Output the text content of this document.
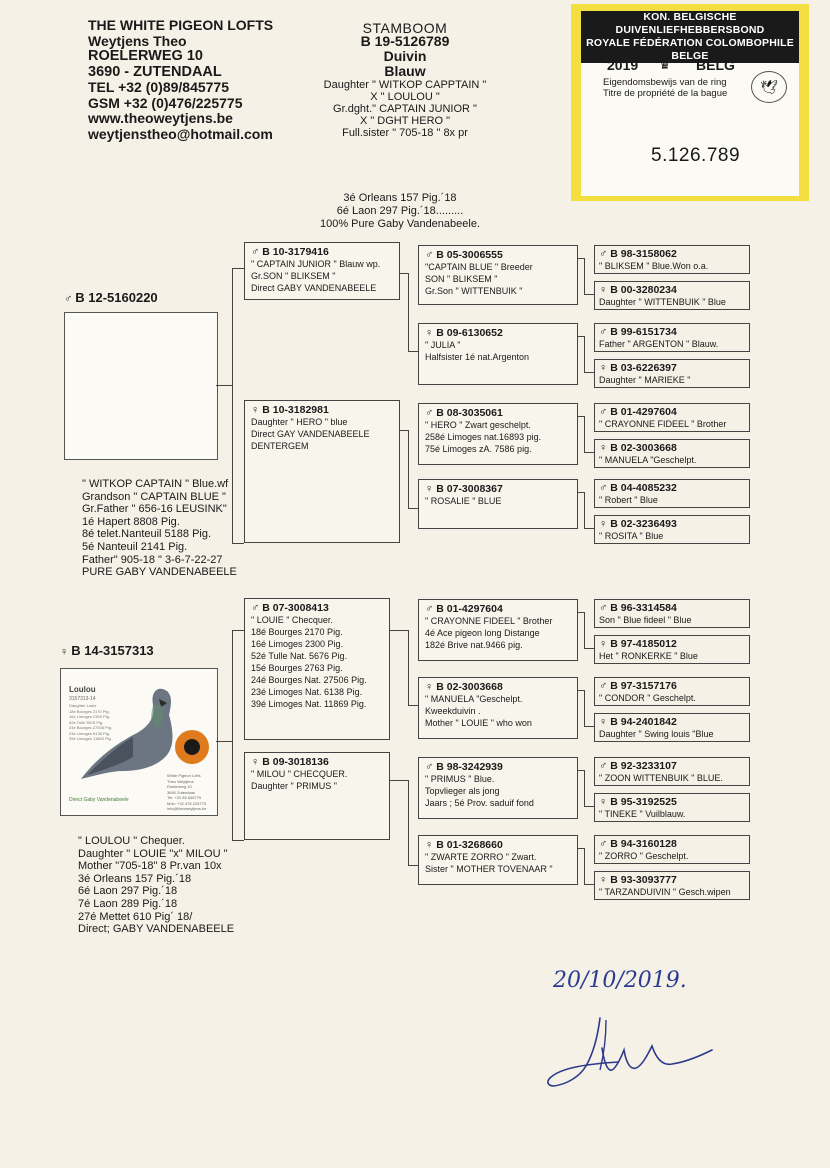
THE WHITE PIGEON LOFTS
Weytjens Theo
ROELERWEG 10
3690 - ZUTENDAAL
TEL +32 (0)89/845775
GSM +32 (0)476/225775
www.theoweytjens.be
weytjenstheo@hotmail.com
STAMBOOM
B 19-5126789
Duivin
Blauw
Daughter " WITKOP CAPPTAIN "
X " LOULOU "
Gr.dght." CAPTAIN JUNIOR "
X " DGHT HERO "
Full.sister " 705-18 " 8x pr
KON. BELGISCHE DUIVENLIEFHEBBERSBOND
ROYALE FÉDÉRATION COLOMBOPHILE BELGE
2019 ♛ BELG
🕊
Eigendomsbewijs van de ring
Titre de propriété de la bague
5.126.789
3é Orleans 157 Pig.´18
6é Laon 297 Pig.´18.........
100% Pure Gaby Vandenabeele.
♂ B 12-5160220
" WITKOP CAPTAIN " Blue.wf
Grandson " CAPTAIN BLUE "
Gr.Father " 656-16 LEUSINK"
1é Hapert 8808 Pig.
8é telet.Nanteuil 5188 Pig.
5é Nanteuil 2141 Pig.
Father" 905-18 " 3-6-7-22-27
PURE GABY VANDENABEELE
♀ B 14-3157313
Loulou
3157313-14
Daughter Louie
18e Bourges 2170 Pig.
16e Limoges 2300 Pig.
52e Tulle 5676 Pig.
24e Bourges 27506 Pig.
23e Limoges 6138 Pig.
39e Limoges 11869 Pig.
White Pigeon Lofts
Theo Weytjens
Roelerweg 10
3690 Zutendaal
Tel: +32 89 845775
Mob: +32 476 225775
info@theoweytjens.be
Direct Gaby Vandenabeele
" LOULOU " Chequer.
Daughter " LOUIE "x" MILOU "
Mother "705-18" 8 Pr.van 10x
3é Orleans 157 Pig.´18
6é Laon 297 Pig.´18
7é Laon 289 Pig.´18
27é Mettet 610 Pig´ 18/
Direct; GABY VANDENABEELE
♂ B 10-3179416
" CAPTAIN JUNIOR " Blauw wp.
Gr.SON " BLIKSEM "
Direct GABY VANDENABEELE
♀ B 10-3182981
Daughter " HERO " blue
Direct GAY VANDENABEELE
DENTERGEM
♂ B 07-3008413
" LOUIE " Checquer.
18é Bourges 2170 Pig.
16é Limoges 2300 Pig.
52é Tulle Nat. 5676 Pig.
15é Bourges 2763 Pig.
24é Bourges Nat. 27506 Pig.
23é Limoges Nat. 6138 Pig.
39é Limoges Nat. 11869 Pig.
♀ B 09-3018136
" MILOU " CHECQUER.
Daughter " PRIMUS "
♂ B 05-3006555
"CAPTAIN BLUE " Breeder
SON " BLIKSEM "
Gr.Son " WITTENBUIK "
♀ B 09-6130652
" JULIA "
Halfsister 1é nat.Argenton
♂ B 08-3035061
" HERO " Zwart geschelpt.
258é Limoges nat.16893 pig.
75é Limoges zA. 7586 pig.
♀ B 07-3008367
" ROSALIE " BLUE
♂ B 01-4297604
" CRAYONNE FIDEEL " Brother
4é Ace pigeon long Distange
182é Brive nat.9466 pig.
♀ B 02-3003668
" MANUELA "Geschelpt.
Kweekduivin .
Mother " LOUIE " who won
♂ B 98-3242939
" PRIMUS " Blue.
Topvlieger als jong
Jaars ; 5é Prov. saduif fond
♀ B 01-3268660
" ZWARTE ZORRO " Zwart.
Sister " MOTHER TOVENAAR "
♂ B 98-3158062
" BLIKSEM " Blue.Won o.a.
♀ B 00-3280234
Daughter " WITTENBUIK " Blue
♂ B 99-6151734
Father " ARGENTON " Blauw.
♀ B 03-6226397
Daughter " MARIEKE "
♂ B 01-4297604
" CRAYONNE FIDEEL " Brother
♀ B 02-3003668
" MANUELA "Geschelpt.
♂ B 04-4085232
" Robert " Blue
♀ B 02-3236493
" ROSITA " Blue
♂ B 96-3314584
Son " Blue fideel " Blue
♀ B 97-4185012
Het " RONKERKE " Blue
♂ B 97-3157176
" CONDOR " Geschelpt.
♀ B 94-2401842
Daughter " Swing louis "Blue
♂ B 92-3233107
" ZOON WITTENBUIK " BLUE.
♀ B 95-3192525
" TINEKE " Vuilblauw.
♂ B 94-3160128
" ZORRO " Geschelpt.
♀ B 93-3093777
" TARZANDUIVIN " Gesch.wipen
20/10/2019.
